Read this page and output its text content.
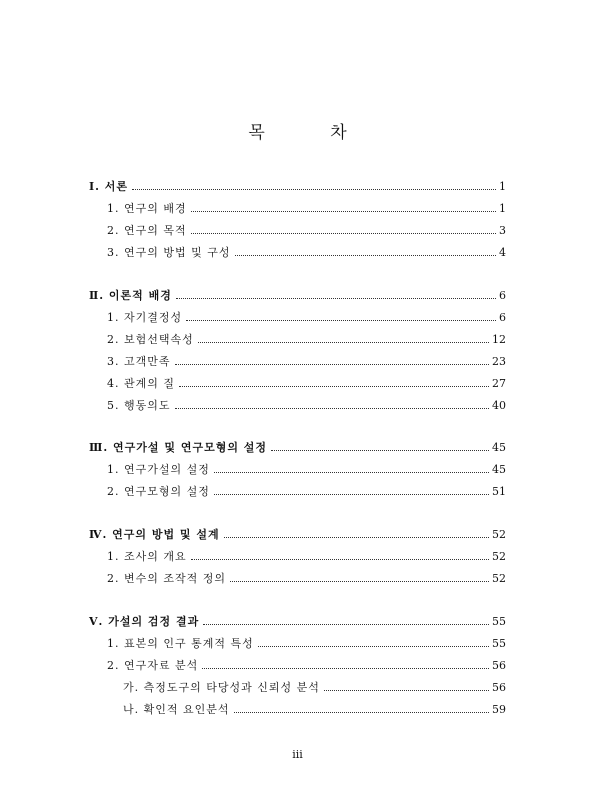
목 차
Ⅰ. 서론	1
1. 연구의 배경	1
2. 연구의 목적	3
3. 연구의 방법 및 구성	4
Ⅱ. 이론적 배경	6
1. 자기결정성	6
2. 보험선택속성	12
3. 고객만족	23
4. 관계의 질	27
5. 행동의도	40
Ⅲ. 연구가설 및 연구모형의 설정	45
1. 연구가설의 설정	45
2. 연구모형의 설정	51
Ⅳ. 연구의 방법 및 설계	52
1. 조사의 개요	52
2. 변수의 조작적 정의	52
Ⅴ. 가설의 검정 결과	55
1. 표본의 인구 통계적 특성	55
2. 연구자료 분석	56
가. 측정도구의 타당성과 신뢰성 분석	56
나. 확인적 요인분석	59
iii
